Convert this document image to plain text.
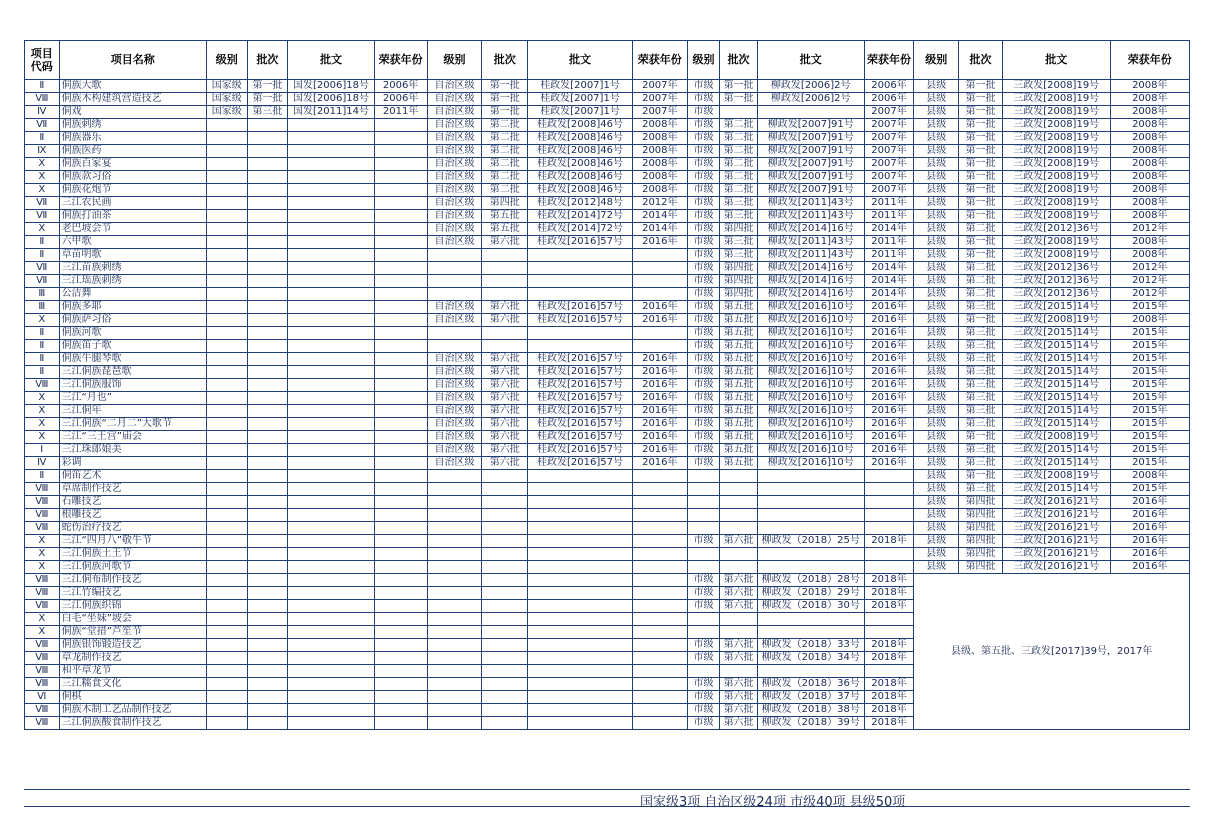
项目代码	项目名称	级别	批次	批文	荣获年份	级别	批次	批文	荣获年份	级别	批次	批文	荣获年份	级别	批次	批文	荣获年份
Ⅱ	侗族大歌	国家级	第一批	国发[2006]18号	2006年	自治区级	第一批	桂政发[2007]1号	2007年	市级	第一批	柳政发[2006]2号	2006年	县级	第一批	三政发[2008]19号	2008年
Ⅷ	侗族木构建筑营造技艺	国家级	第一批	国发[2006]18号	2006年	自治区级	第一批	桂政发[2007]1号	2007年	市级	第一批	柳政发[2006]2号	2006年	县级	第一批	三政发[2008]19号	2008年
Ⅳ	侗戏	国家级	第三批	国发[2011]14号	2011年	自治区级	第一批	桂政发[2007]1号	2007年	市级			2007年	县级	第一批	三政发[2008]19号	2008年
Ⅶ	侗族刺绣					自治区级	第二批	桂政发[2008]46号	2008年	市级	第二批	柳政发[2007]91号	2007年	县级	第一批	三政发[2008]19号	2008年
Ⅱ	侗族器乐					自治区级	第二批	桂政发[2008]46号	2008年	市级	第二批	柳政发[2007]91号	2007年	县级	第一批	三政发[2008]19号	2008年
Ⅸ	侗族医药					自治区级	第二批	桂政发[2008]46号	2008年	市级	第二批	柳政发[2007]91号	2007年	县级	第一批	三政发[2008]19号	2008年
Ⅹ	侗族百家宴					自治区级	第二批	桂政发[2008]46号	2008年	市级	第二批	柳政发[2007]91号	2007年	县级	第一批	三政发[2008]19号	2008年
Ⅹ	侗族款习俗					自治区级	第二批	桂政发[2008]46号	2008年	市级	第二批	柳政发[2007]91号	2007年	县级	第一批	三政发[2008]19号	2008年
Ⅹ	侗族花炮节					自治区级	第二批	桂政发[2008]46号	2008年	市级	第二批	柳政发[2007]91号	2007年	县级	第一批	三政发[2008]19号	2008年
Ⅶ	三江农民画					自治区级	第四批	桂政发[2012]48号	2012年	市级	第三批	柳政发[2011]43号	2011年	县级	第一批	三政发[2008]19号	2008年
Ⅶ	侗族打油茶					自治区级	第五批	桂政发[2014]72号	2014年	市级	第三批	柳政发[2011]43号	2011年	县级	第一批	三政发[2008]19号	2008年
Ⅹ	老巴坡会节					自治区级	第五批	桂政发[2014]72号	2014年	市级	第四批	柳政发[2014]16号	2014年	县级	第二批	三政发[2012]36号	2012年
Ⅱ	六甲歌					自治区级	第六批	桂政发[2016]57号	2016年	市级	第三批	柳政发[2011]43号	2011年	县级	第一批	三政发[2008]19号	2008年
Ⅱ	草苗明歌									市级	第三批	柳政发[2011]43号	2011年	县级	第一批	三政发[2008]19号	2008年
Ⅶ	三江苗族刺绣									市级	第四批	柳政发[2014]16号	2014年	县级	第二批	三政发[2012]36号	2012年
Ⅶ	三江瑶族刺绣									市级	第四批	柳政发[2014]16号	2014年	县级	第二批	三政发[2012]36号	2012年
Ⅲ	公洁舞									市级	第四批	柳政发[2014]16号	2014年	县级	第二批	三政发[2012]36号	2012年
Ⅲ	侗族多耶					自治区级	第六批	桂政发[2016]57号	2016年	市级	第五批	柳政发[2016]10号	2016年	县级	第三批	三政发[2015]14号	2015年
Ⅹ	侗族萨习俗					自治区级	第六批	桂政发[2016]57号	2016年	市级	第五批	柳政发[2016]10号	2016年	县级	第一批	三政发[2008]19号	2008年
Ⅱ	侗族河歌									市级	第五批	柳政发[2016]10号	2016年	县级	第三批	三政发[2015]14号	2015年
Ⅱ	侗族笛子歌									市级	第五批	柳政发[2016]10号	2016年	县级	第三批	三政发[2015]14号	2015年
Ⅱ	侗族牛腿琴歌					自治区级	第六批	桂政发[2016]57号	2016年	市级	第五批	柳政发[2016]10号	2016年	县级	第三批	三政发[2015]14号	2015年
Ⅱ	三江侗族琵琶歌					自治区级	第六批	桂政发[2016]57号	2016年	市级	第五批	柳政发[2016]10号	2016年	县级	第三批	三政发[2015]14号	2015年
Ⅷ	三江侗族服饰					自治区级	第六批	桂政发[2016]57号	2016年	市级	第五批	柳政发[2016]10号	2016年	县级	第三批	三政发[2015]14号	2015年
Ⅹ	三江“月也”					自治区级	第六批	桂政发[2016]57号	2016年	市级	第五批	柳政发[2016]10号	2016年	县级	第三批	三政发[2015]14号	2015年
Ⅹ	三江侗年					自治区级	第六批	桂政发[2016]57号	2016年	市级	第五批	柳政发[2016]10号	2016年	县级	第三批	三政发[2015]14号	2015年
Ⅹ	三江侗族“二月二”大歌节					自治区级	第六批	桂政发[2016]57号	2016年	市级	第五批	柳政发[2016]10号	2016年	县级	第三批	三政发[2015]14号	2015年
Ⅹ	三江“三王宫”庙会					自治区级	第六批	桂政发[2016]57号	2016年	市级	第五批	柳政发[2016]10号	2016年	县级	第一批	三政发[2008]19号	2015年
Ⅰ	三江珠郎娘美					自治区级	第六批	桂政发[2016]57号	2016年	市级	第五批	柳政发[2016]10号	2016年	县级	第三批	三政发[2015]14号	2015年
Ⅳ	彩调					自治区级	第六批	桂政发[2016]57号	2016年	市级	第五批	柳政发[2016]10号	2016年	县级	第三批	三政发[2015]14号	2015年
Ⅱ	侗笛艺术													县级	第一批	三政发[2008]19号	2008年
Ⅷ	草席制作技艺													县级	第三批	三政发[2015]14号	2015年
Ⅷ	石雕技艺													县级	第四批	三政发[2016]21号	2016年
Ⅷ	根雕技艺													县级	第四批	三政发[2016]21号	2016年
Ⅷ	蛇伤治疗技艺													县级	第四批	三政发[2016]21号	2016年
Ⅹ	三江“四月八”敬牛节									市级	第六批	柳政发（2018）25号	2018年	县级	第四批	三政发[2016]21号	2016年
Ⅹ	三江侗族土王节													县级	第四批	三政发[2016]21号	2016年
Ⅹ	三江侗族河歌节													县级	第四批	三政发[2016]21号	2016年
Ⅷ	三江侗布制作技艺									市级	第六批	柳政发（2018）28号	2018年	县级、第五批、三政发[2017]39号，2017年			
Ⅷ	三江竹编技艺									市级	第六批	柳政发（2018）29号	2018年				
Ⅷ	三江侗族织锦									市级	第六批	柳政发（2018）30号	2018年				
Ⅹ	白毛“坐妹”坡会																
Ⅹ	侗族“堂措”芦笙节																
Ⅷ	侗族银饰锻造技艺									市级	第六批	柳政发（2018）33号	2018年				
Ⅷ	草龙制作技艺									市级	第六批	柳政发（2018）34号	2018年				
Ⅷ	和平草龙节																
Ⅷ	三江糯食文化									市级	第六批	柳政发（2018）36号	2018年				
Ⅵ	侗棋									市级	第六批	柳政发（2018）37号	2018年				
Ⅷ	侗族木制工艺品制作技艺									市级	第六批	柳政发（2018）38号	2018年				
Ⅷ	三江侗族酸食制作技艺									市级	第六批	柳政发（2018）39号	2018年				
国家级3项 自治区级24项 市级40项 县级50项
